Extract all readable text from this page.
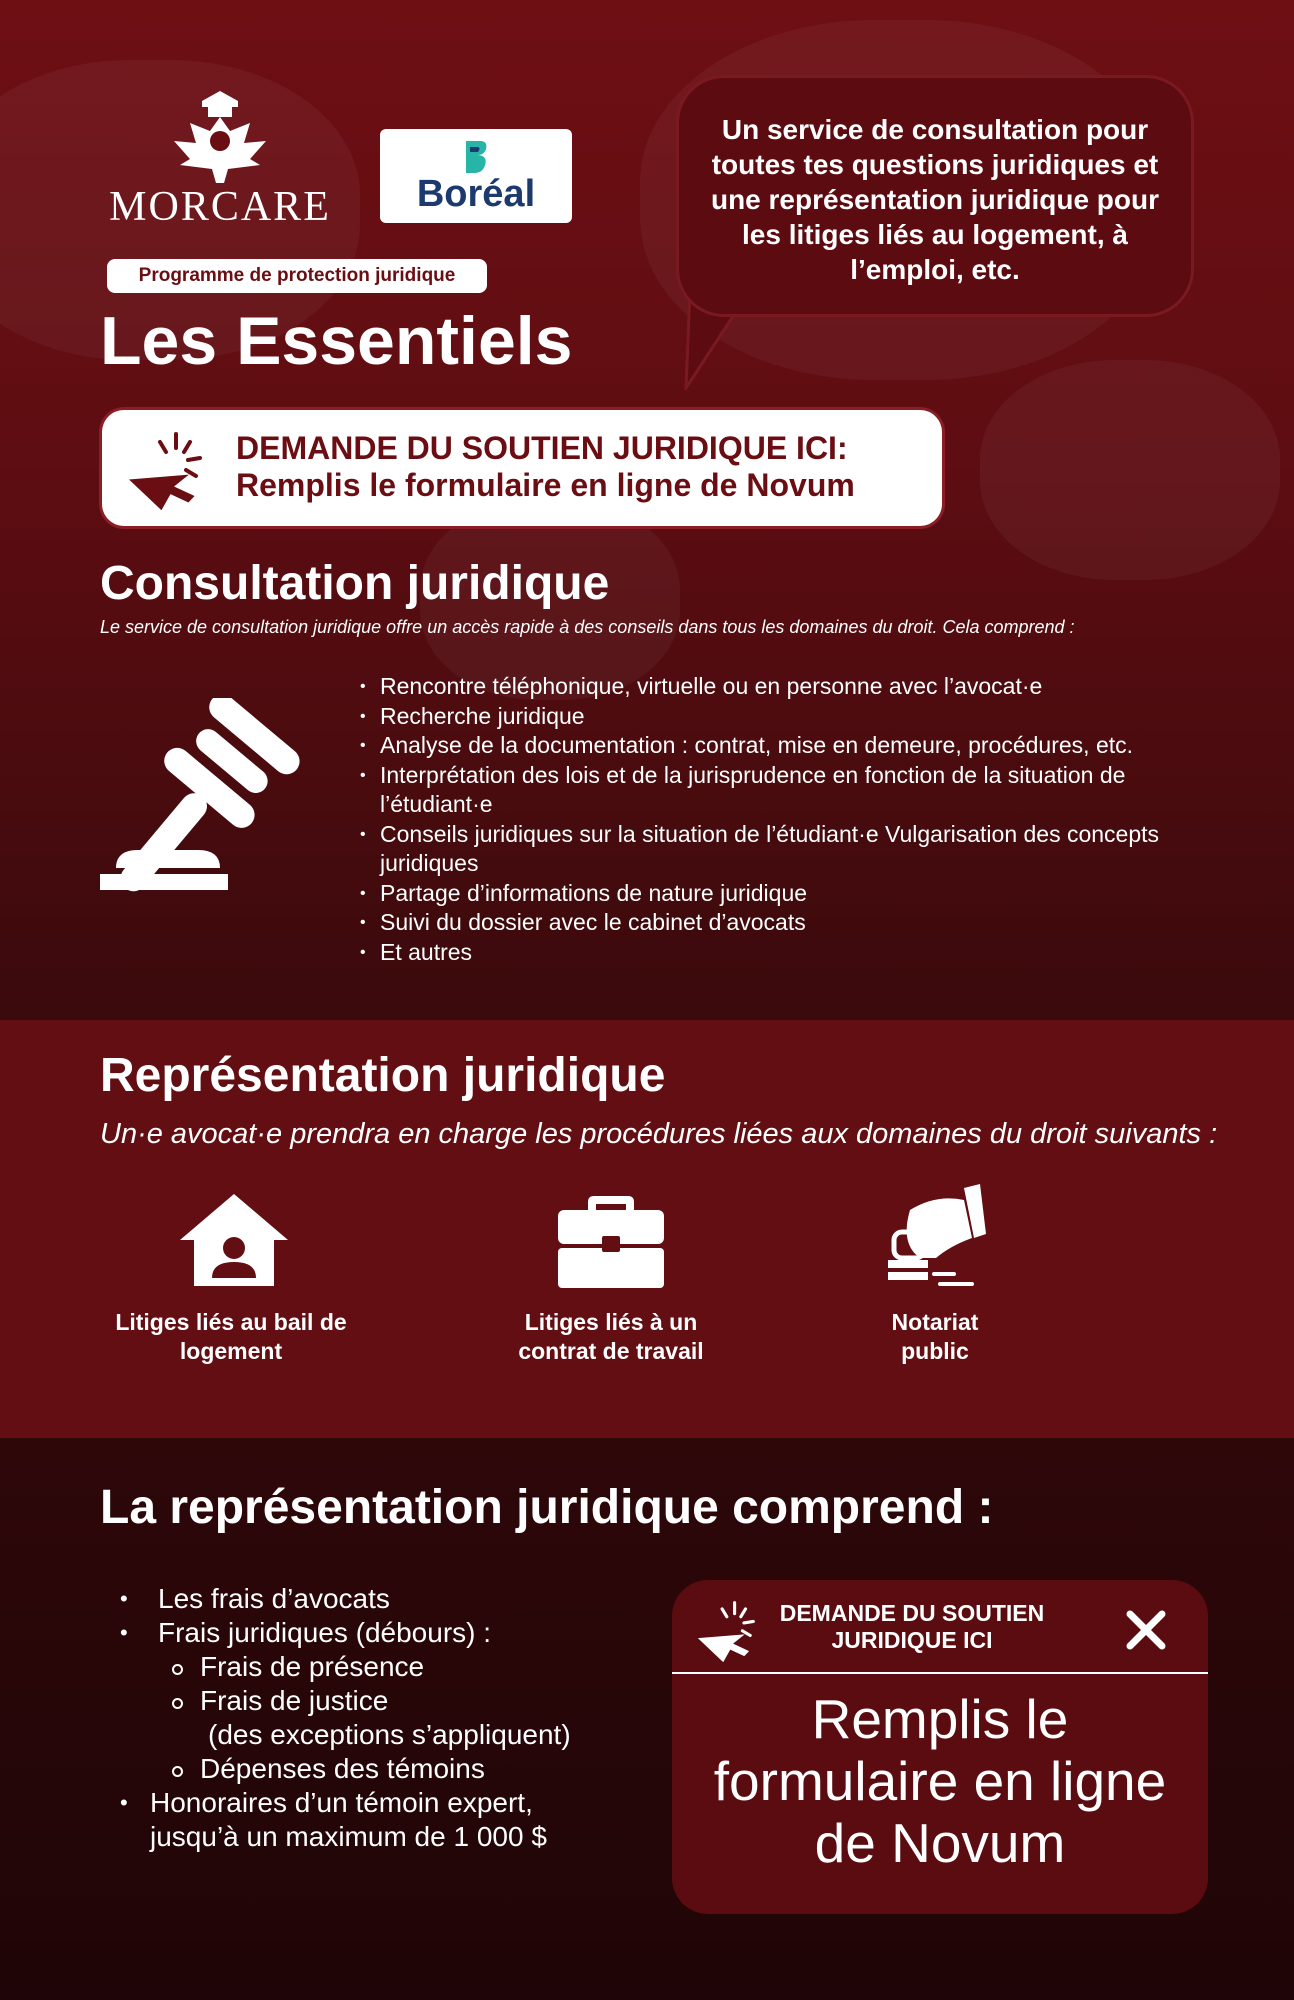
MORCARE	Boréal
Programme de protection juridique
Les Essentiels
Un service de consultation pour toutes tes questions juridiques et une représentation juridique pour les litiges liés au logement, à l’emploi, etc.
DEMANDE DU SOUTIEN JURIDIQUE ICI:
Remplis le formulaire en ligne de Novum
Consultation juridique
Le service de consultation juridique offre un accès rapide à des conseils dans tous les domaines du droit. Cela comprend :
• Rencontre téléphonique, virtuelle ou en personne avec l’avocat·e
• Recherche juridique
• Analyse de la documentation : contrat, mise en demeure, procédures, etc.
• Interprétation des lois et de la jurisprudence en fonction de la situation de l’étudiant·e
• Conseils juridiques sur la situation de l’étudiant·e Vulgarisation des concepts juridiques
• Partage d’informations de nature juridique
• Suivi du dossier avec le cabinet d’avocats
• Et autres
Représentation juridique
Un·e avocat·e prendra en charge les procédures liées aux domaines du droit suivants :
Litiges liés au bail de
logement
Litiges liés à un
contrat de travail
Notariat
public
La représentation juridique comprend :
• Les frais d’avocats
• Frais juridiques (débours) :
Frais de présence
Frais de justice
(des exceptions s’appliquent)
Dépenses des témoins
• Honoraires d’un témoin expert,
jusqu’à un maximum de 1 000 $
DEMANDE DU SOUTIEN JURIDIQUE ICI
Remplis le formulaire en ligne de Novum
